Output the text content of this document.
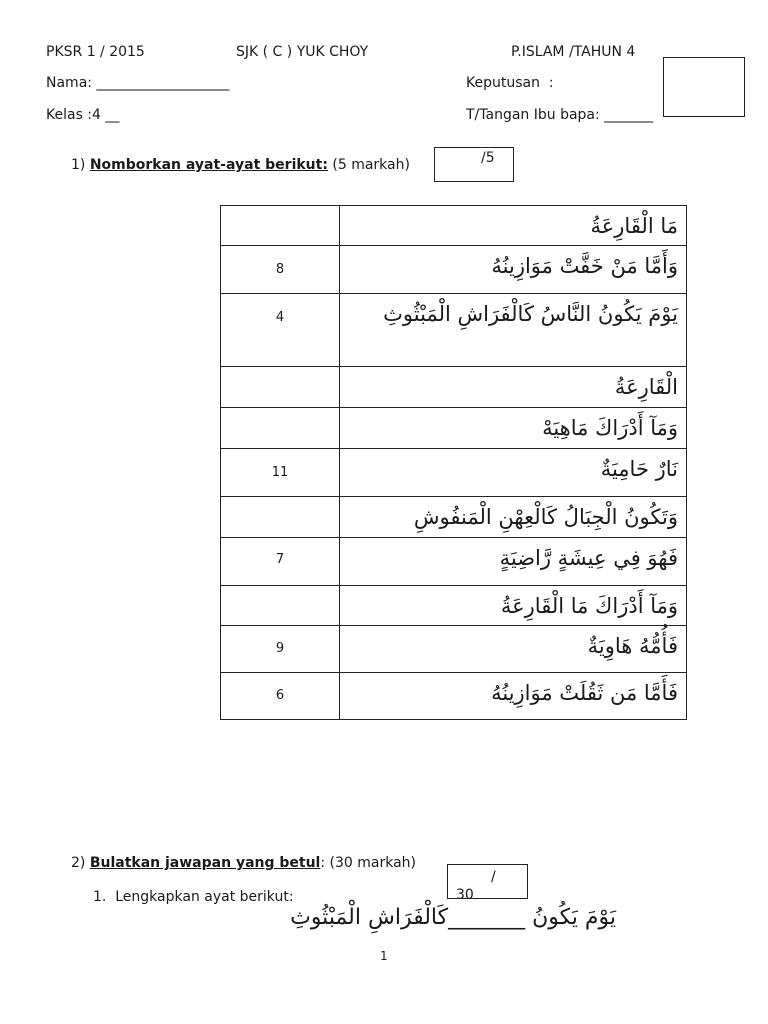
PKSR 1 / 2015	SJK ( C ) YUK CHOY	P.ISLAM /TAHUN 4
Nama: ___________________	Keputusan  :
Kelas :4 __	T/Tangan Ibu bapa: _______
1) Nomborkan ayat-ayat berikut: (5 markah)	/5
	مَا الْقَارِعَةُ

8	وَأَمَّا مَنْ خَفَّتْ مَوَازِينُهُ

4	يَوْمَ يَكُونُ النَّاسُ كَالْفَرَاشِ الْمَبْثُوثِ

	الْقَارِعَةُ

	وَمَآ أَدْرَاكَ مَاهِيَهْ

11	نَارٌ حَامِيَةٌ

	وَتَكُونُ الْجِبَالُ كَالْعِهْنِ الْمَنفُوشِ

7	فَهُوَ فِي عِيشَةٍ رَّاضِيَةٍ

	وَمَآ أَدْرَاكَ مَا الْقَارِعَةُ

9	فَأُمُّهُ هَاوِيَةٌ

6	فَأَمَّا مَن ثَقُلَتْ مَوَازِينُهُ
2) Bulatkan jawapan yang betul: (30 markah)
/
30
1.  Lengkapkan ayat berikut:
يَوْمَ يَكُونُ _______كَالْفَرَاشِ الْمَبْثُوثِ
1
